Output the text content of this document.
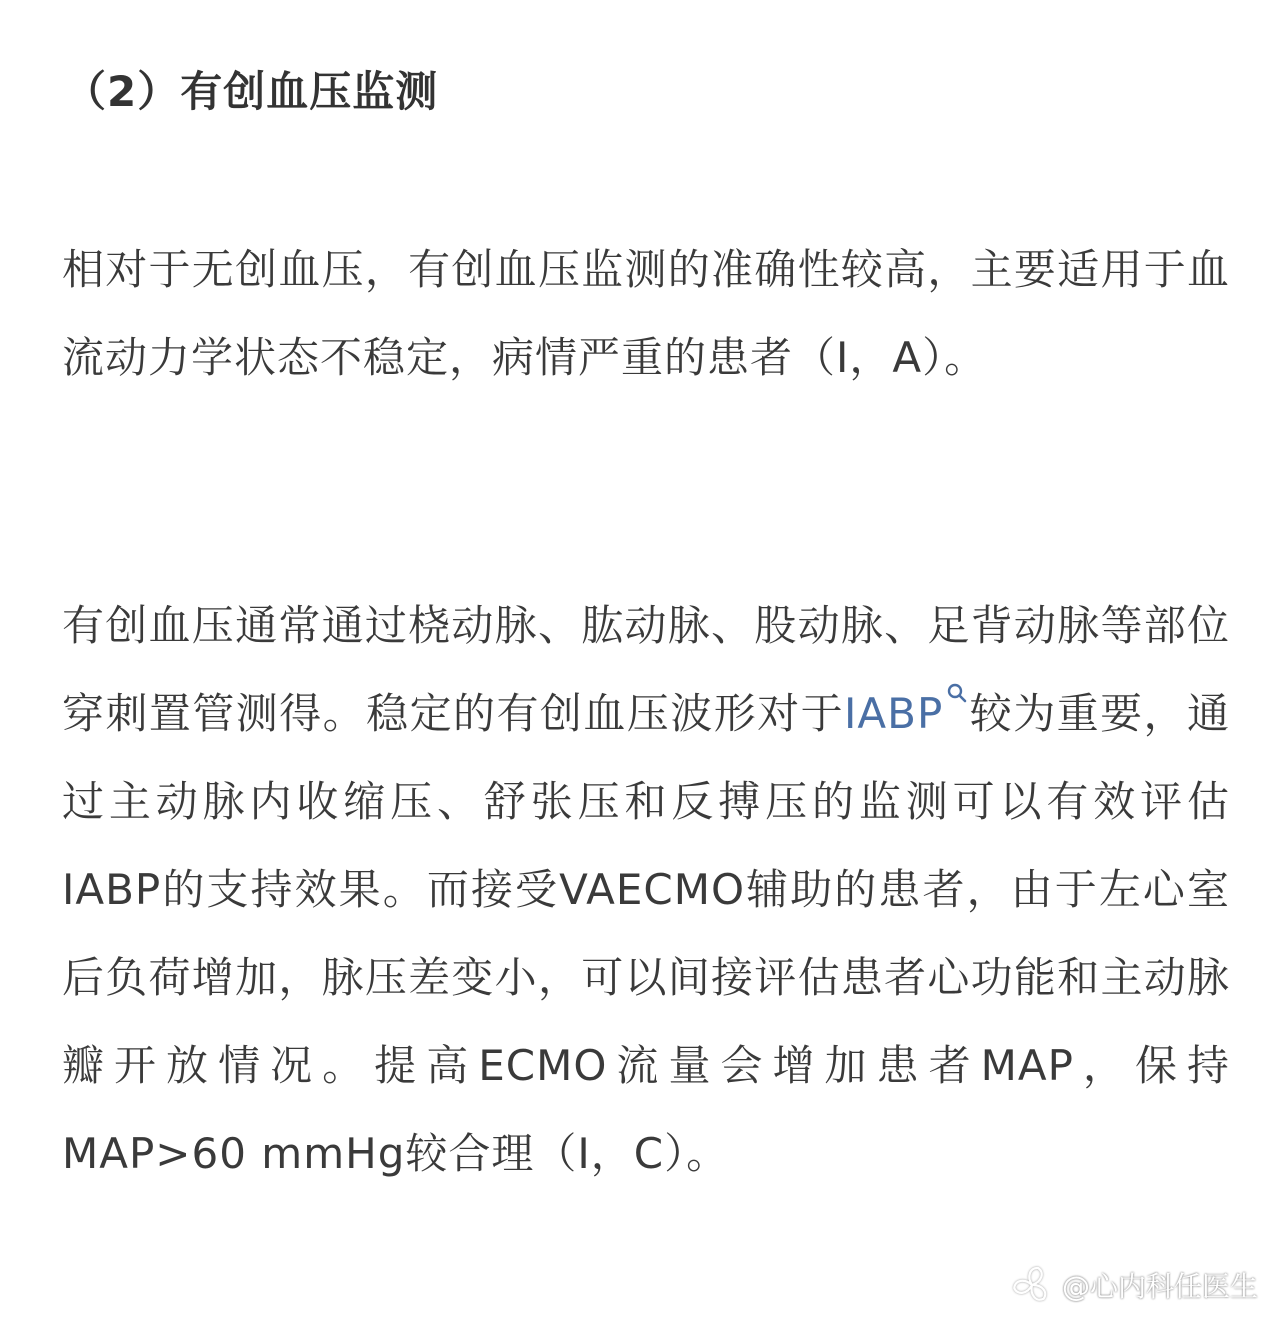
（2）有创血压监测

相对于无创血压，有创血压监测的准确性较高，主要适用于血流动力学状态不稳定，病情严重的患者（Ⅰ，A）。

有创血压通常通过桡动脉、肱动脉、股动脉、足背动脉等部位穿刺置管测得。稳定的有创血压波形对于IABP 较为重要，通过主动脉内收缩压、舒张压和反搏压的监测可以有效评估IABP的支持效果。而接受VAECMO辅助的患者，由于左心室后负荷增加，脉压差变小，可以间接评估患者心功能和主动脉瓣开放情况。提高ECMO流量会增加患者MAP，保持MAP>60 mmHg较合理（Ⅰ，C）。

@心内科任医生
